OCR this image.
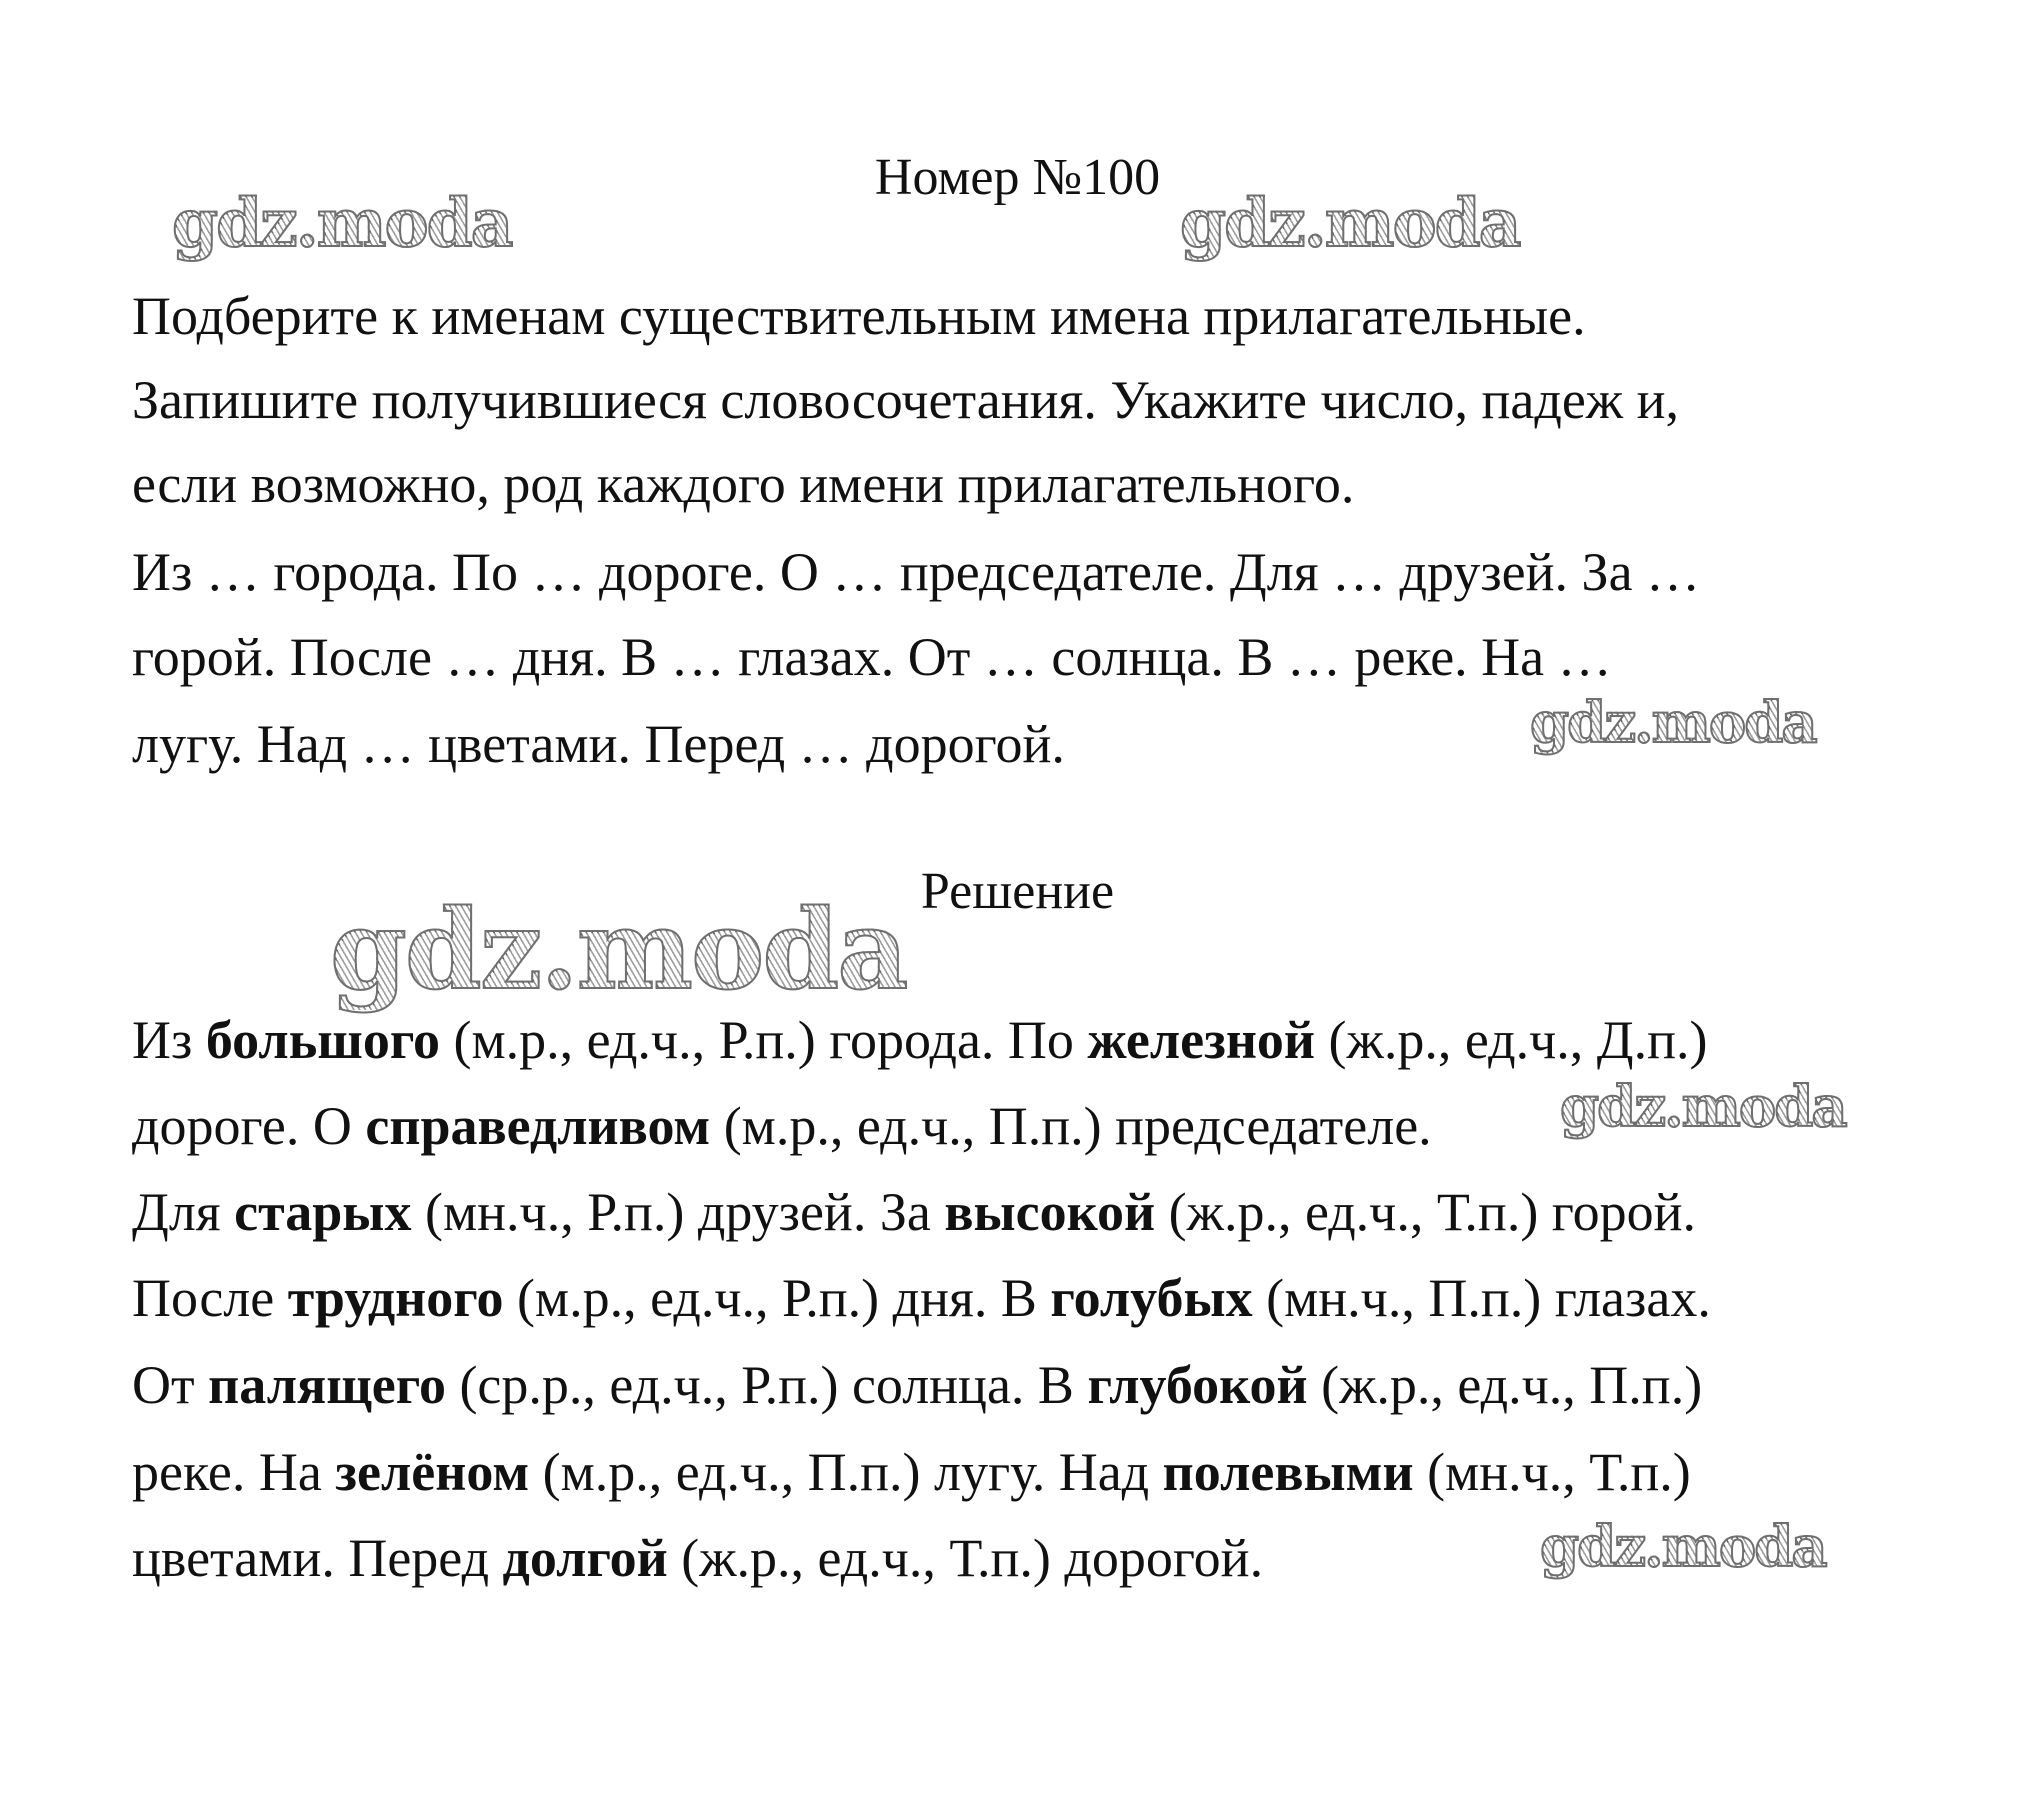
Номер №100
Подберите к именам существительным имена прилагательные.
Запишите получившиеся словосочетания. Укажите число, падеж и,
если возможно, род каждого имени прилагательного.
Из … города. По … дороге. О … председателе. Для … друзей. За …
горой. После … дня. В … глазах. От … солнца. В … реке. На …
лугу. Над … цветами. Перед … дорогой.
Решение
Из большого (м.р., ед.ч., Р.п.) города. По железной (ж.р., ед.ч., Д.п.)
дороге. О справедливом (м.р., ед.ч., П.п.) председателе.
Для старых (мн.ч., Р.п.) друзей. За высокой (ж.р., ед.ч., Т.п.) горой.
После трудного (м.р., ед.ч., Р.п.) дня. В голубых (мн.ч., П.п.) глазах.
От палящего (ср.р., ед.ч., Р.п.) солнца. В глубокой (ж.р., ед.ч., П.п.)
реке. На зелёном (м.р., ед.ч., П.п.) лугу. Над полевыми (мн.ч., Т.п.)
цветами. Перед долгой (ж.р., ед.ч., Т.п.) дорогой.
gdz.moda	gdz.moda
gdz.moda
gdz.moda
gdz.moda
gdz.moda
